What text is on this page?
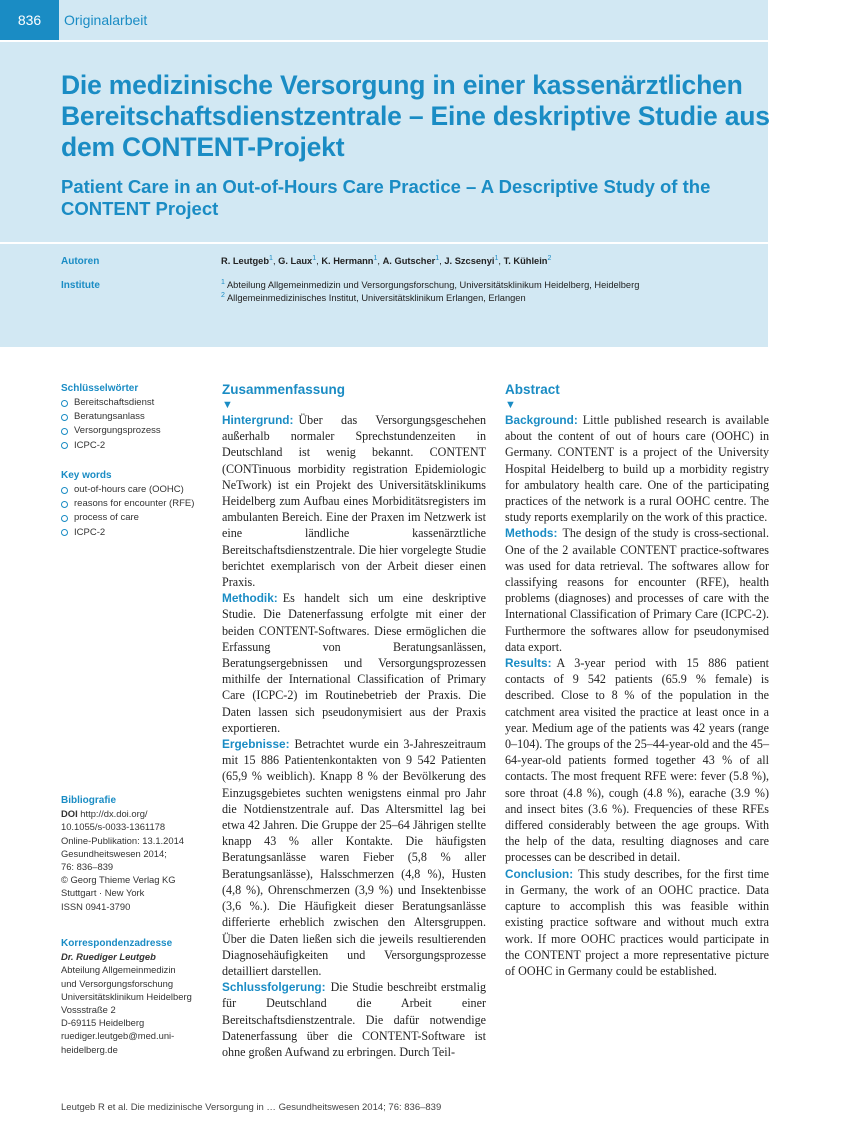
836	Originalarbeit
Die medizinische Versorgung in einer kassenärztlichen Bereitschaftsdienstzentrale – Eine deskriptive Studie aus dem CONTENT-Projekt
Patient Care in an Out-of-Hours Care Practice – A Descriptive Study of the CONTENT Project
Autoren	R. Leutgeb$^1$, G. Laux$^1$, K. Hermann$^1$, A. Gutscher$^1$, J. Szcsenyi$^1$, T. Kühlein$^2$
Institute	$^1$ Abteilung Allgemeinmedizin und Versorgungsforschung, Universitätsklinikum Heidelberg, Heidelberg
$^2$ Allgemeinmedizinisches Institut, Universitätsklinikum Erlangen, Erlangen
Schlüsselwörter
Bereitschaftsdienst
Beratungsanlass
Versorgungsprozess
ICPC-2
Key words
out-of-hours care (OOHC)
reasons for encounter (RFE)
process of care
ICPC-2
Bibliografie
DOI http://dx.doi.org/
10.1055/s-0033-1361178
Online-Publikation: 13.1.2014
Gesundheitswesen 2014;
76: 836–839
© Georg Thieme Verlag KG
Stuttgart · New York
ISSN 0941-3790
Korrespondenzadresse
Dr. Ruediger Leutgeb
Abteilung Allgemeinmedizin
und Versorgungsforschung
Universitätsklinikum Heidelberg
Vossstraße 2
D-69115 Heidelberg
ruediger.leutgeb@med.uni-
heidelberg.de
Zusammenfassung
▼
Hintergrund: Über das Versorgungsgeschehen außerhalb normaler Sprechstundenzeiten in Deutschland ist wenig bekannt. CONTENT (CONTinuous morbidity registration Epidemiologic NeTwork) ist ein Projekt des Universitätsklinikums Heidelberg zum Aufbau eines Morbiditätsregisters im ambulanten Bereich. Eine der Praxen im Netzwerk ist eine ländliche kassenärztliche Bereitschaftsdienstzentrale. Die hier vorgelegte Studie berichtet exemplarisch von der Arbeit dieser einen Praxis.
Methodik: Es handelt sich um eine deskriptive Studie. Die Datenerfassung erfolgte mit einer der beiden CONTENT-Softwares. Diese ermöglichen die Erfassung von Beratungsanlässen, Beratungsergebnissen und Versorgungsprozessen mithilfe der International Classification of Primary Care (ICPC-2) im Routinebetrieb der Praxis. Die Daten lassen sich pseudonymisiert aus der Praxis exportieren.
Ergebnisse: Betrachtet wurde ein 3-Jahreszeitraum mit 15 886 Patientenkontakten von 9 542 Patienten (65,9 % weiblich). Knapp 8 % der Bevölkerung des Einzugsgebietes suchten wenigstens einmal pro Jahr die Notdienstzentrale auf. Das Altersmittel lag bei etwa 42 Jahren. Die Gruppe der 25–64 Jährigen stellte knapp 43 % aller Kontakte. Die häufigsten Beratungsanlässe waren Fieber (5,8 % aller Beratungsanlässe), Halsschmerzen (4,8 %), Husten (4,8 %), Ohrenschmerzen (3,9 %) und Insektenbisse (3,6 %.). Die Häufigkeit dieser Beratungsanlässe differierte erheblich zwischen den Altersgruppen. Über die Daten ließen sich die jeweils resultierenden Diagnosehäufigkeiten und Versorgungsprozesse detailliert darstellen.
Schlussfolgerung: Die Studie beschreibt erstmalig für Deutschland die Arbeit einer Bereitschaftsdienstzentrale. Die dafür notwendige Datenerfassung über die CONTENT-Software ist ohne großen Aufwand zu erbringen. Durch Teil-
Abstract
▼
Background: Little published research is available about the content of out of hours care (OOHC) in Germany. CONTENT is a project of the University Hospital Heidelberg to build up a morbidity registry for ambulatory health care. One of the participating practices of the network is a rural OOHC centre. The study reports exemplarily on the work of this practice.
Methods: The design of the study is cross-sectional. One of the 2 available CONTENT practice-softwares was used for data retrieval. The softwares allow for classifying reasons for encounter (RFE), health problems (diagnoses) and processes of care with the International Classification of Primary Care (ICPC-2). Furthermore the softwares allow for pseudonymised data export.
Results: A 3-year period with 15 886 patient contacts of 9 542 patients (65.9 % female) is described. Close to 8 % of the population in the catchment area visited the practice at least once in a year. Medium age of the patients was 42 years (range 0–104). The groups of the 25–44-year-old and the 45–64-year-old patients formed together 43 % of all contacts. The most frequent RFE were: fever (5.8 %), sore throat (4.8 %), cough (4.8 %), earache (3.9 %) and insect bites (3.6 %). Frequencies of these RFEs differed considerably between the age groups. With the help of the data, resulting diagnoses and care processes can be described in detail.
Conclusion: This study describes, for the first time in Germany, the work of an OOHC practice. Data capture to accomplish this was feasible within existing practice software and without much extra work. If more OOHC practices would participate in the CONTENT project a more representative picture of OOHC in Germany could be established.
Leutgeb R et al. Die medizinische Versorgung in … Gesundheitswesen 2014; 76: 836–839
